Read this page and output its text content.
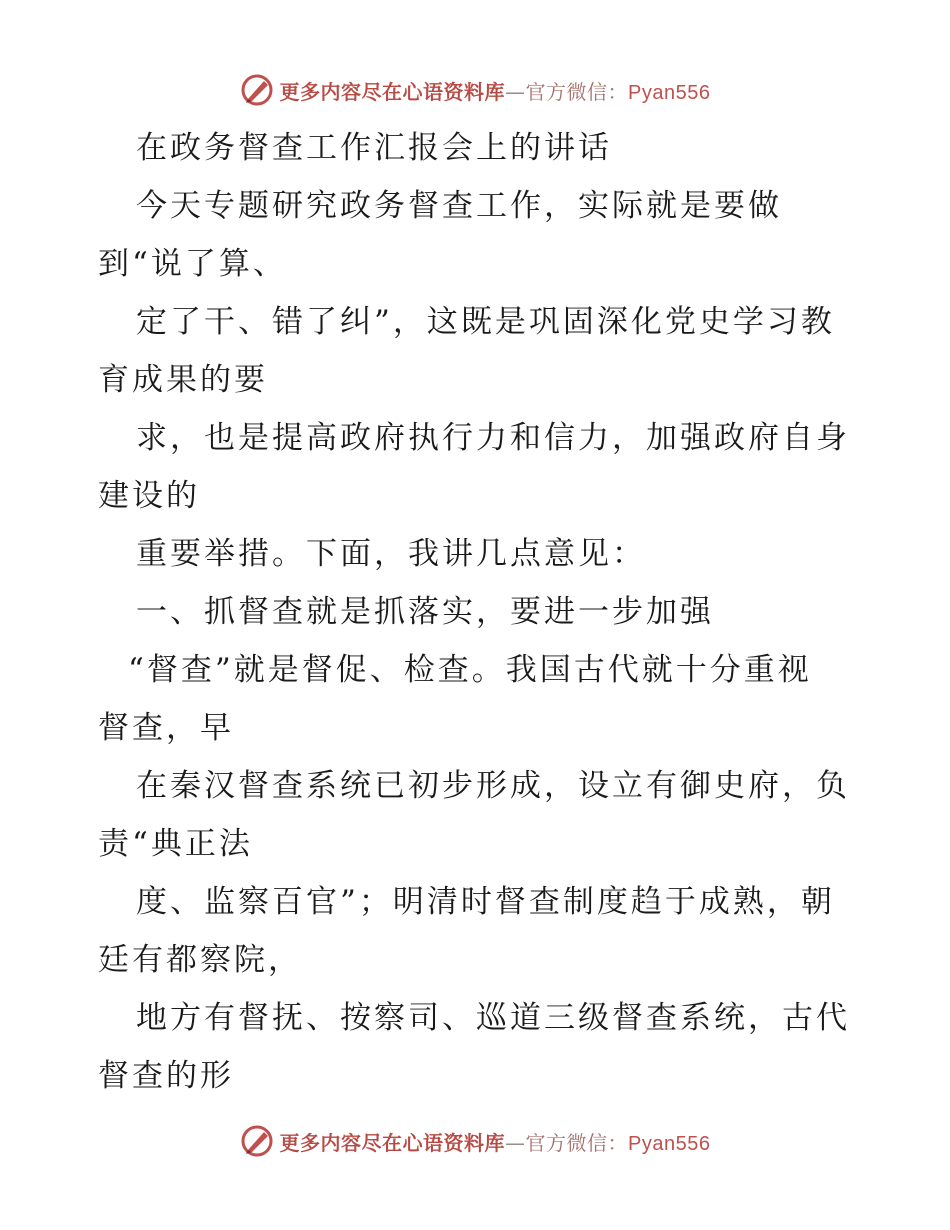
更多内容尽在心语资料库—官方微信：Pyan556
在政务督查工作汇报会上的讲话
今天专题研究政务督查工作，实际就是要做
到“说了算、
定了干、错了纠”，这既是巩固深化党史学习教
育成果的要
求，也是提高政府执行力和信力，加强政府自身
建设的
重要举措。下面，我讲几点意见：
一、抓督查就是抓落实，要进一步加强
“督查”就是督促、检查。我国古代就十分重视
督查，早
在秦汉督查系统已初步形成，设立有御史府，负
责“典正法
度、监察百官”；明清时督查制度趋于成熟，朝
廷有都察院，
地方有督抚、按察司、巡道三级督查系统，古代
督查的形
更多内容尽在心语资料库—官方微信：Pyan556
